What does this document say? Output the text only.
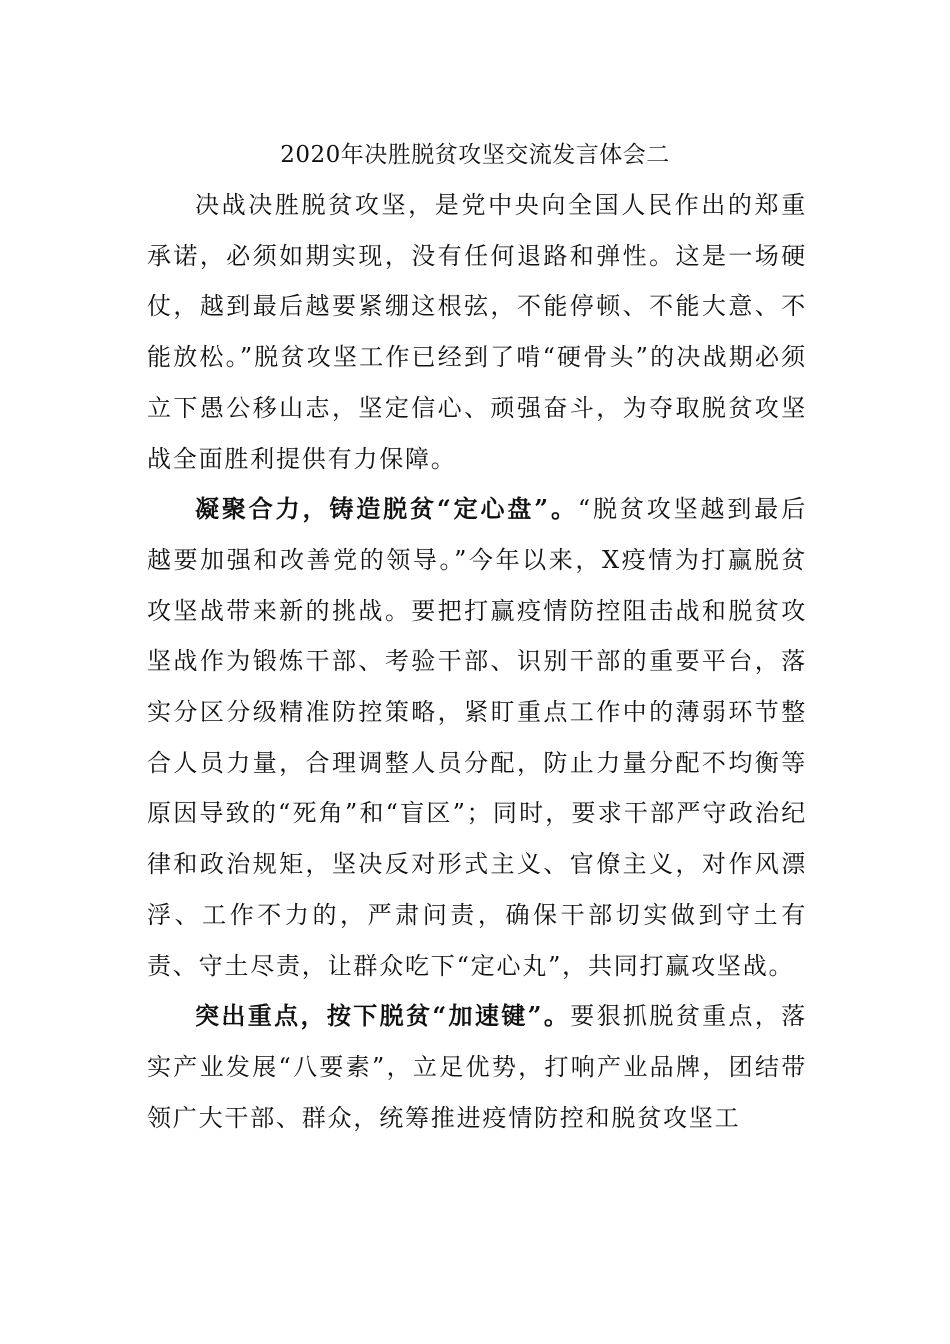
2020年决胜脱贫攻坚交流发言体会二

决战决胜脱贫攻坚，是党中央向全国人民作出的郑重承诺，必须如期实现，没有任何退路和弹性。这是一场硬仗，越到最后越要紧绷这根弦，不能停顿、不能大意、不能放松。”脱贫攻坚工作已经到了啃“硬骨头”的决战期必须立下愚公移山志，坚定信心、顽强奋斗，为夺取脱贫攻坚战全面胜利提供有力保障。

凝聚合力，铸造脱贫“定心盘”。“脱贫攻坚越到最后越要加强和改善党的领导。”今年以来，X疫情为打赢脱贫攻坚战带来新的挑战。要把打赢疫情防控阻击战和脱贫攻坚战作为锻炼干部、考验干部、识别干部的重要平台，落实分区分级精准防控策略，紧盯重点工作中的薄弱环节整合人员力量，合理调整人员分配，防止力量分配不均衡等原因导致的“死角”和“盲区”；同时，要求干部严守政治纪律和政治规矩，坚决反对形式主义、官僚主义，对作风漂浮、工作不力的，严肃问责，确保干部切实做到守土有责、守土尽责，让群众吃下“定心丸”，共同打赢攻坚战。

突出重点，按下脱贫“加速键”。要狠抓脱贫重点，落实产业发展“八要素”，立足优势，打响产业品牌，团结带领广大干部、群众，统筹推进疫情防控和脱贫攻坚工
